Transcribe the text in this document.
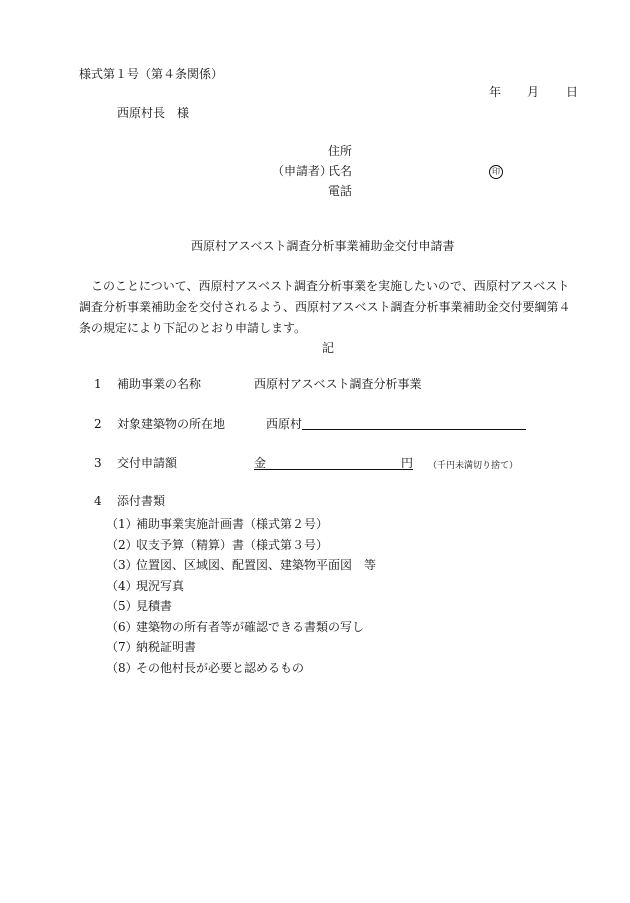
様式第１号（第４条関係）
年 月 日
西原村長　様
住所
（申請者）
氏名	印
電話
西原村アスベスト調査分析事業補助金交付申請書
このことについて、西原村アスベスト調査分析事業を実施したいので、西原村アスベスト調査分析事業補助金を交付されるよう、西原村アスベスト調査分析事業補助金交付要綱第４条の規定により下記のとおり申請します。
記
1 補助事業の名称	西原村アスベスト調査分析事業
2 対象建築物の所在地	西原村
3 交付申請額	金	円 （千円未満切り捨て）
4 添付書類
（1）補助事業実施計画書（様式第２号）
（2）収支予算（精算）書（様式第３号）
（3）位置図、区域図、配置図、建築物平面図　等
（4）現況写真
（5）見積書
（6）建築物の所有者等が確認できる書類の写し
（7）納税証明書
（8）その他村長が必要と認めるもの
